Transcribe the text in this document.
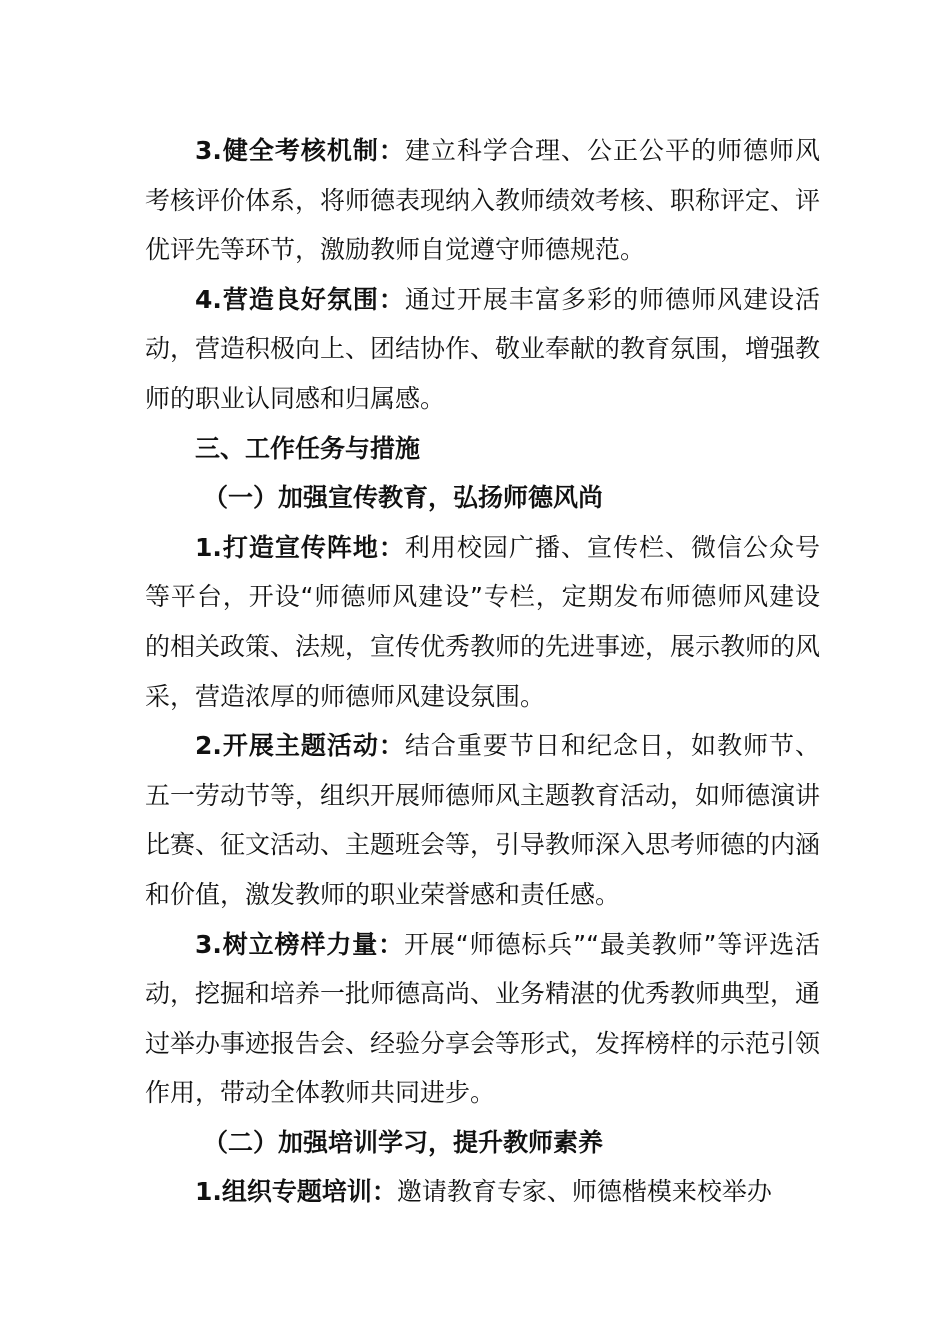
3.健全考核机制：建立科学合理、公正公平的师德师风考核评价体系，将师德表现纳入教师绩效考核、职称评定、评优评先等环节，激励教师自觉遵守师德规范。

4.营造良好氛围：通过开展丰富多彩的师德师风建设活动，营造积极向上、团结协作、敬业奉献的教育氛围，增强教师的职业认同感和归属感。

三、工作任务与措施

（一）加强宣传教育，弘扬师德风尚

1.打造宣传阵地：利用校园广播、宣传栏、微信公众号等平台，开设“师德师风建设”专栏，定期发布师德师风建设的相关政策、法规，宣传优秀教师的先进事迹，展示教师的风采，营造浓厚的师德师风建设氛围。

2.开展主题活动：结合重要节日和纪念日，如教师节、五一劳动节等，组织开展师德师风主题教育活动，如师德演讲比赛、征文活动、主题班会等，引导教师深入思考师德的内涵和价值，激发教师的职业荣誉感和责任感。

3.树立榜样力量：开展“师德标兵”“最美教师”等评选活动，挖掘和培养一批师德高尚、业务精湛的优秀教师典型，通过举办事迹报告会、经验分享会等形式，发挥榜样的示范引领作用，带动全体教师共同进步。

（二）加强培训学习，提升教师素养

1.组织专题培训：邀请教育专家、师德楷模来校举办
